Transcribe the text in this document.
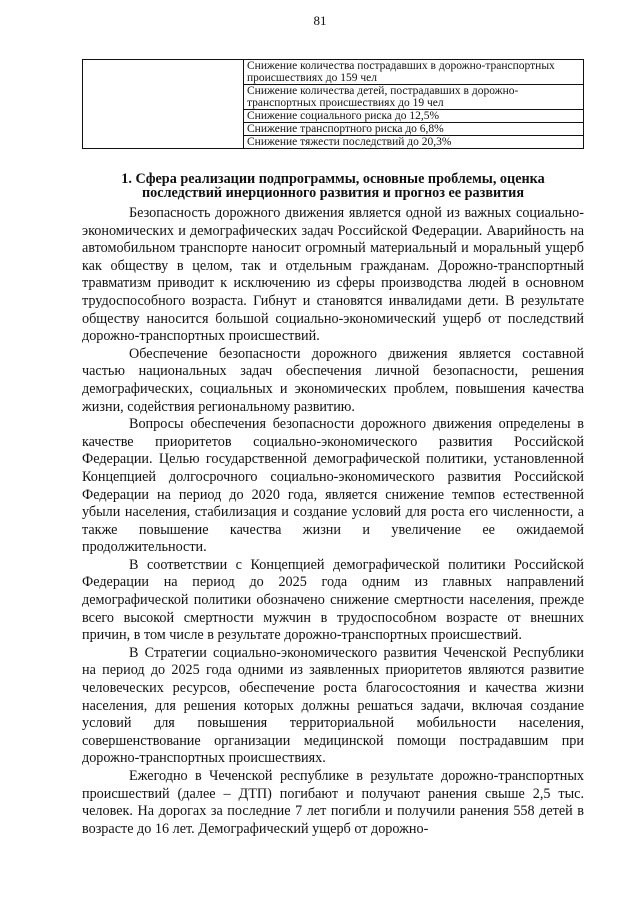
81
	Снижение количества пострадавших в дорожно-транспортных происшествиях до 159 чел
Снижение количества детей, пострадавших в дорожно-транспортных происшествиях до 19 чел
Снижение социального риска до 12,5%
Снижение транспортного риска до 6,8%
Снижение тяжести последствий до 20,3%
1. Сфера реализации подпрограммы, основные проблемы, оценка последствий инерционного развития и прогноз ее развития

Безопасность дорожного движения является одной из важных социально-экономических и демографических задач Российской Федерации. Аварийность на автомобильном транспорте наносит огромный материальный и моральный ущерб как обществу в целом, так и отдельным гражданам. Дорожно-транспортный травматизм приводит к исключению из сферы производства людей в основном трудоспособного возраста. Гибнут и становятся инвалидами дети. В результате обществу наносится большой социально-экономический ущерб от последствий дорожно-транспортных происшествий.

Обеспечение безопасности дорожного движения является составной частью национальных задач обеспечения личной безопасности, решения демографических, социальных и экономических проблем, повышения качества жизни, содействия региональному развитию.

Вопросы обеспечения безопасности дорожного движения определены в качестве приоритетов социально-экономического развития Российской Федерации. Целью государственной демографической политики, установленной Концепцией долгосрочного социально-экономического развития Российской Федерации на период до 2020 года, является снижение темпов естественной убыли населения, стабилизация и создание условий для роста его численности, а также повышение качества жизни и увеличение ее ожидаемой продолжительности.

В соответствии с Концепцией демографической политики Российской Федерации на период до 2025 года одним из главных направлений демографической политики обозначено снижение смертности населения, прежде всего высокой смертности мужчин в трудоспособном возрасте от внешних причин, в том числе в результате дорожно-транспортных происшествий.

В Стратегии социально-экономического развития Чеченской Республики на период до 2025 года одними из заявленных приоритетов являются развитие человеческих ресурсов, обеспечение роста благосостояния и качества жизни населения, для решения которых должны решаться задачи, включая создание условий для повышения территориальной мобильности населения, совершенствование организации медицинской помощи пострадавшим при дорожно-транспортных происшествиях.

Ежегодно в Чеченской республике в результате дорожно-транспортных происшествий (далее – ДТП) погибают и получают ранения свыше 2,5 тыс. человек. На дорогах за последние 7 лет погибли и получили ранения 558 детей в возрасте до 16 лет. Демографический ущерб от дорожно-
